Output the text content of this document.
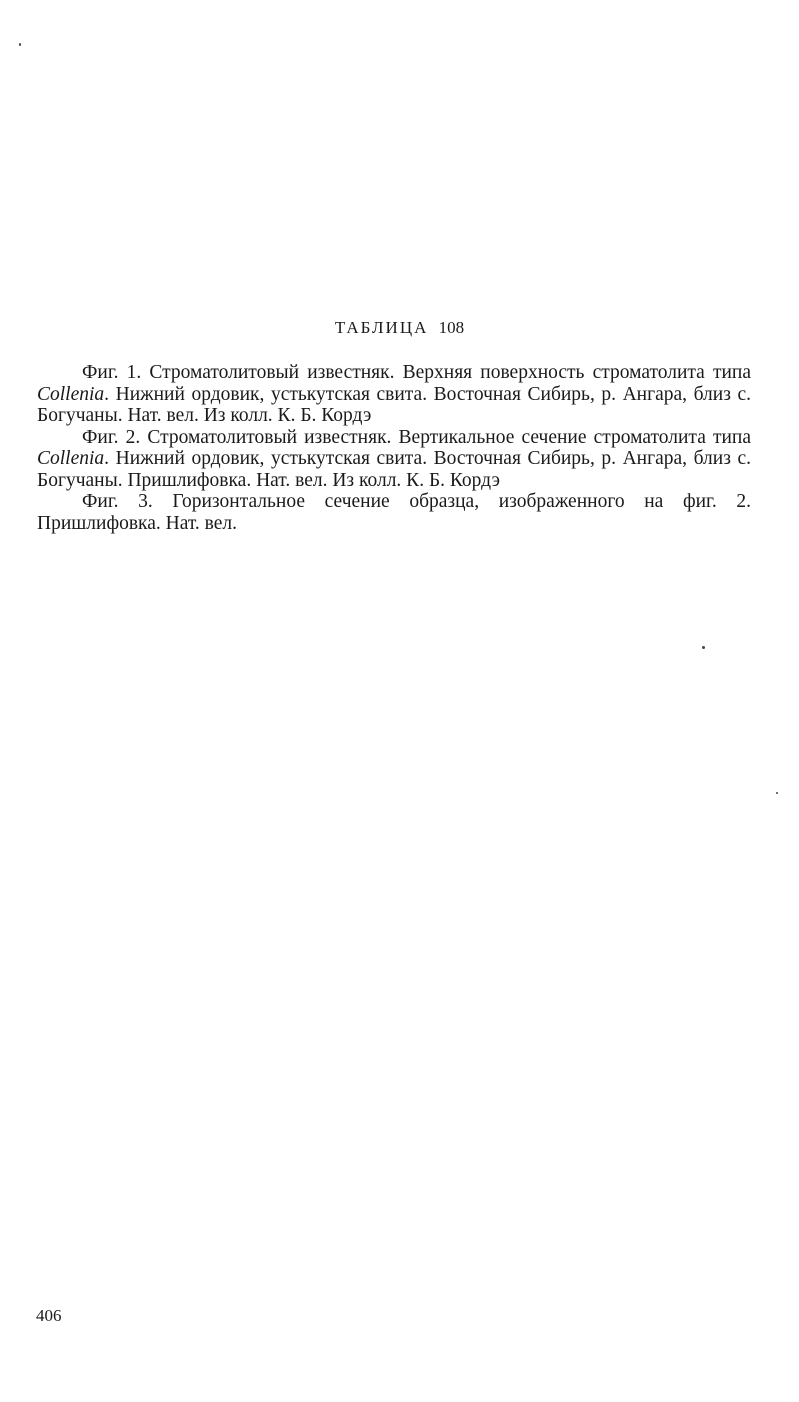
ТАБЛИЦА 108

Фиг. 1. Строматолитовый известняк. Верхняя поверхность строматолита типа Collenia. Нижний ордовик, устькутская свита. Восточная Сибирь, р. Ангара, близ с. Богучаны. Нат. вел. Из колл. К. Б. Кордэ

Фиг. 2. Строматолитовый известняк. Вертикальное сечение строматолита типа Collenia. Нижний ордовик, устькутская свита. Восточная Сибирь, р. Ангара, близ с. Богучаны. Пришлифовка. Нат. вел. Из колл. К. Б. Кордэ

Фиг. 3. Горизонтальное сечение образца, изображенного на фиг. 2. Пришлифовка. Нат. вел.

406
